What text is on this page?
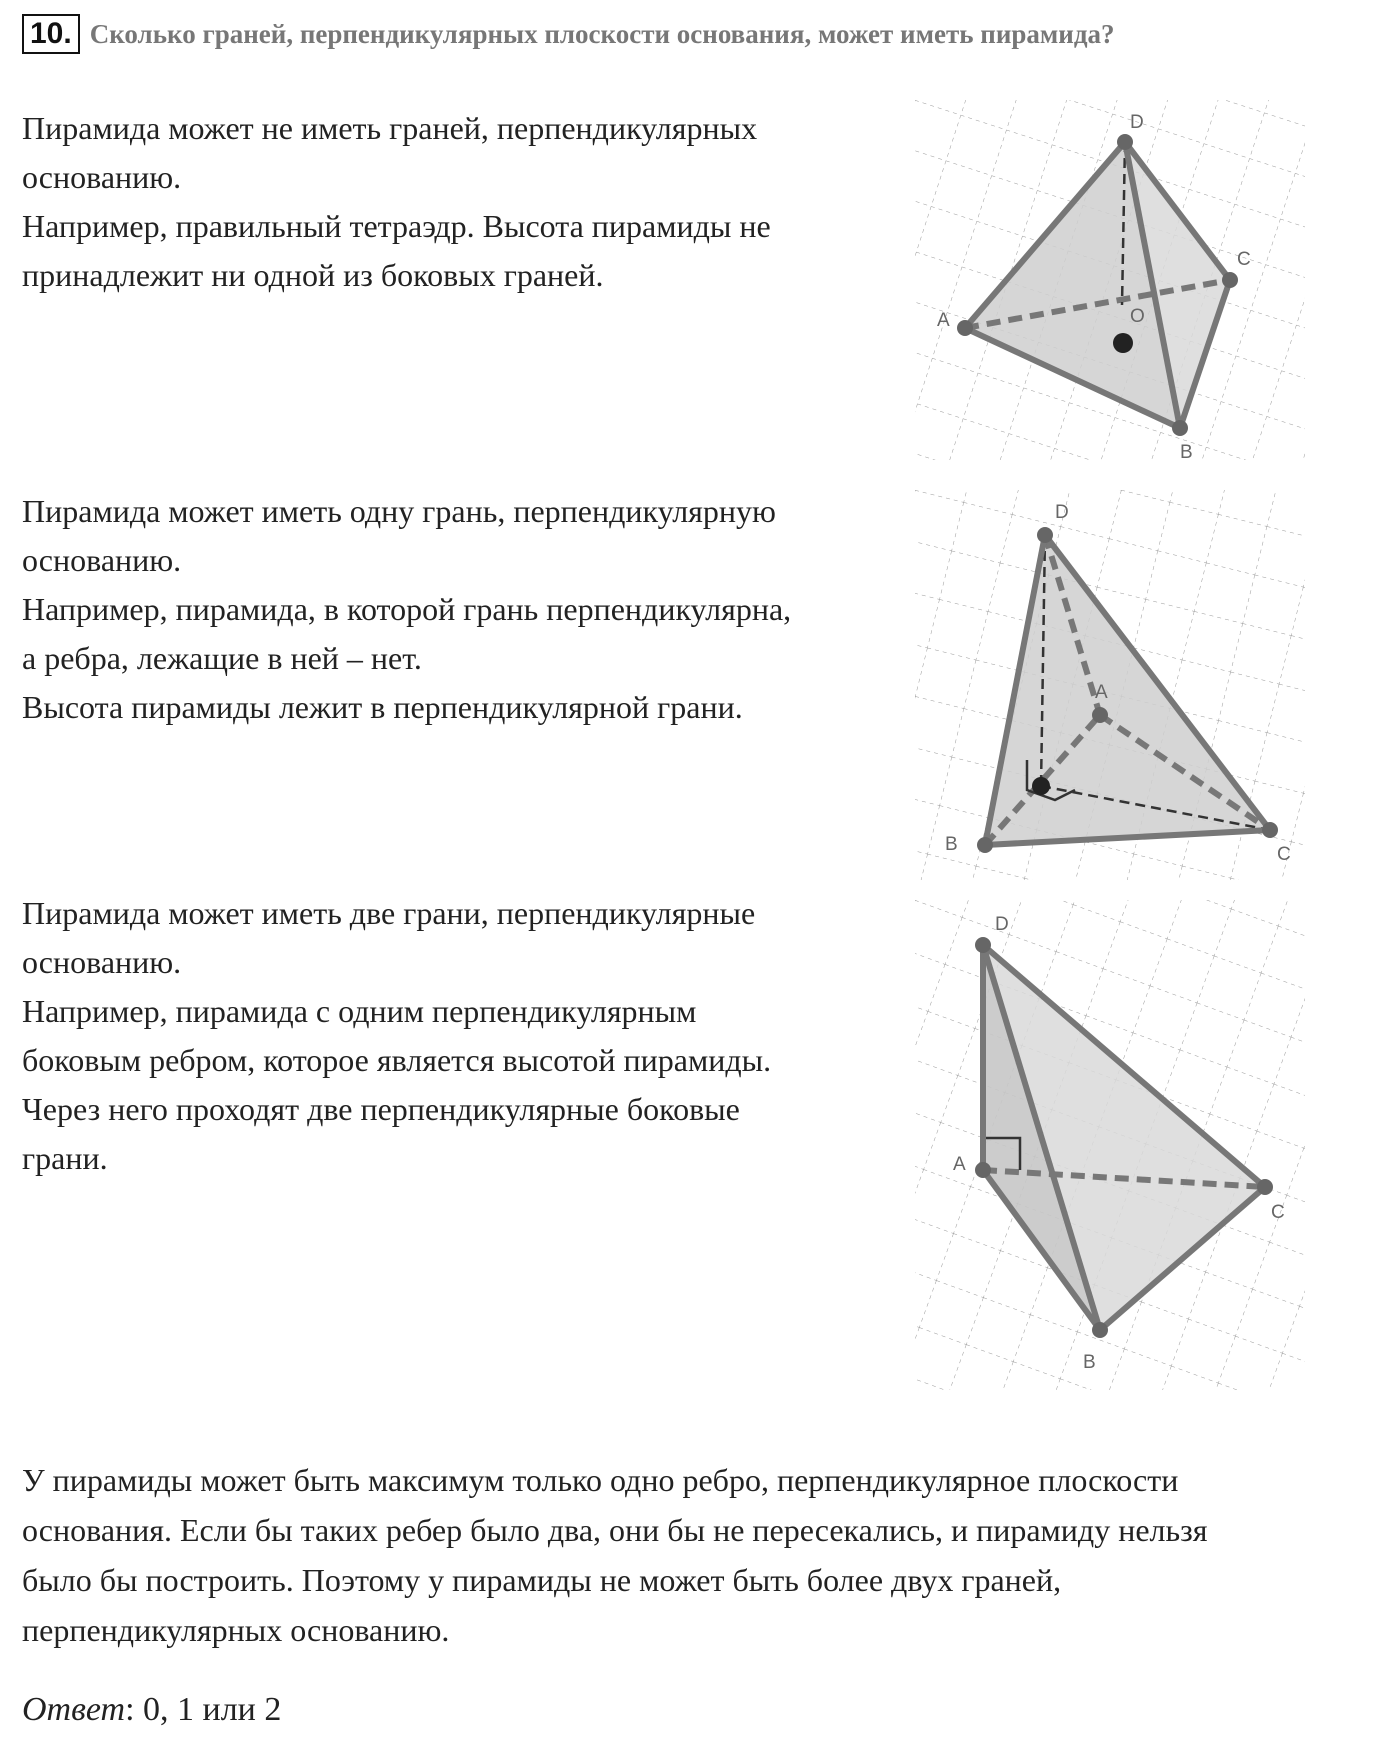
10. Сколько граней, перпендикулярных плоскости основания, может иметь пирамида?
Пирамида может не иметь граней, перпендикулярных
основанию.
Например, правильный тетраэдр. Высота пирамиды не
принадлежит ни одной из боковых граней.
D
C
A	O
B
Пирамида может иметь одну грань, перпендикулярную
основанию.
Например, пирамида, в которой грань перпендикулярна,
а ребра, лежащие в ней – нет.
Высота пирамиды лежит в перпендикулярной грани.
D
A
B	C
Пирамида может иметь две грани, перпендикулярные
основанию.
Например, пирамида с одним перпендикулярным
боковым ребром, которое является высотой пирамиды.
Через него проходят две перпендикулярные боковые
грани.
D
A
C
B
У пирамиды может быть максимум только одно ребро, перпендикулярное плоскости
основания. Если бы таких ребер было два, они бы не пересекались, и пирамиду нельзя
было бы построить. Поэтому у пирамиды не может быть более двух граней,
перпендикулярных основанию.
Ответ: 0, 1 или 2
